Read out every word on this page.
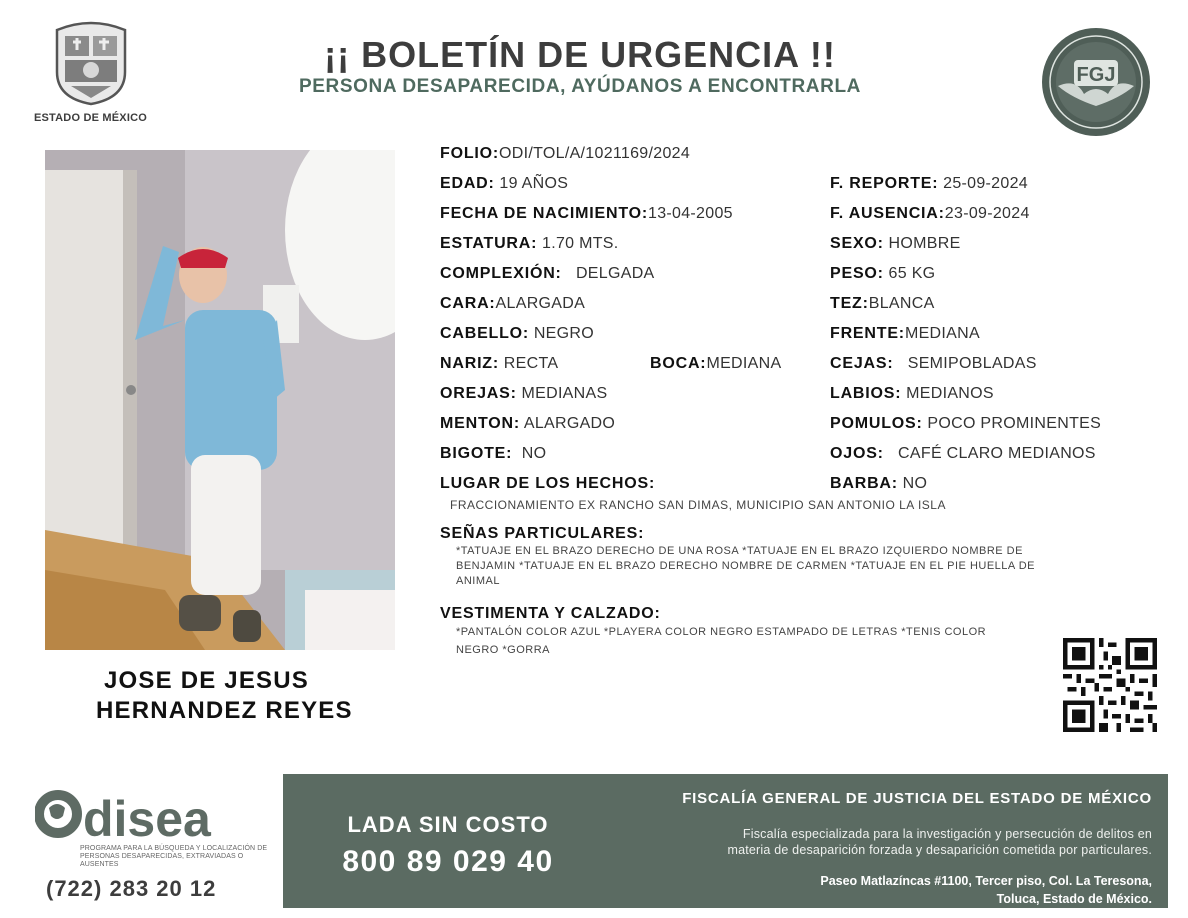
ESTADO DE MÉXICO
¡¡ BOLETÍN DE URGENCIA !!
PERSONA DESAPARECIDA, AYÚDANOS A ENCONTRARLA
FGJ
JOSE DE JESUS
HERNANDEZ REYES
FOLIO:ODI/TOL/A/1021169/2024
EDAD: 19 AÑOS
FECHA DE NACIMIENTO:13-04-2005
ESTATURA: 1.70 MTS.
COMPLEXIÓN: DELGADA
CARA:ALARGADA
CABELLO: NEGRO
NARIZ: RECTA	BOCA:MEDIANA
OREJAS: MEDIANAS
MENTON: ALARGADO
BIGOTE: NO
LUGAR DE LOS HECHOS:
FRACCIONAMIENTO EX RANCHO SAN DIMAS, MUNICIPIO SAN ANTONIO LA ISLA
F. REPORTE: 25-09-2024
F. AUSENCIA:23-09-2024
SEXO: HOMBRE
PESO: 65 KG
TEZ:BLANCA
FRENTE:MEDIANA
CEJAS: SEMIPOBLADAS
LABIOS: MEDIANOS
POMULOS: POCO PROMINENTES
OJOS: CAFÉ CLARO MEDIANOS
BARBA: NO
SEÑAS PARTICULARES:
*TATUAJE EN EL BRAZO DERECHO DE UNA ROSA *TATUAJE EN EL BRAZO IZQUIERDO NOMBRE DE
BENJAMIN *TATUAJE EN EL BRAZO DERECHO NOMBRE DE CARMEN *TATUAJE EN EL PIE HUELLA DE
ANIMAL
VESTIMENTA Y CALZADO:
*PANTALÓN COLOR AZUL *PLAYERA COLOR NEGRO ESTAMPADO DE LETRAS *TENIS COLOR
NEGRO *GORRA
disea
PROGRAMA PARA LA BÚSQUEDA Y LOCALIZACIÓN DE PERSONAS DESAPARECIDAS, EXTRAVIADAS O AUSENTES
(722) 283 20 12
LADA SIN COSTO
800 89 029 40
FISCALÍA GENERAL DE JUSTICIA DEL ESTADO DE MÉXICO
Fiscalía especializada para la investigación y persecución de delitos en
materia de desaparición forzada y desaparición cometida por particulares.
Paseo Matlazíncas #1100, Tercer piso, Col. La Teresona,
Toluca, Estado de México.
